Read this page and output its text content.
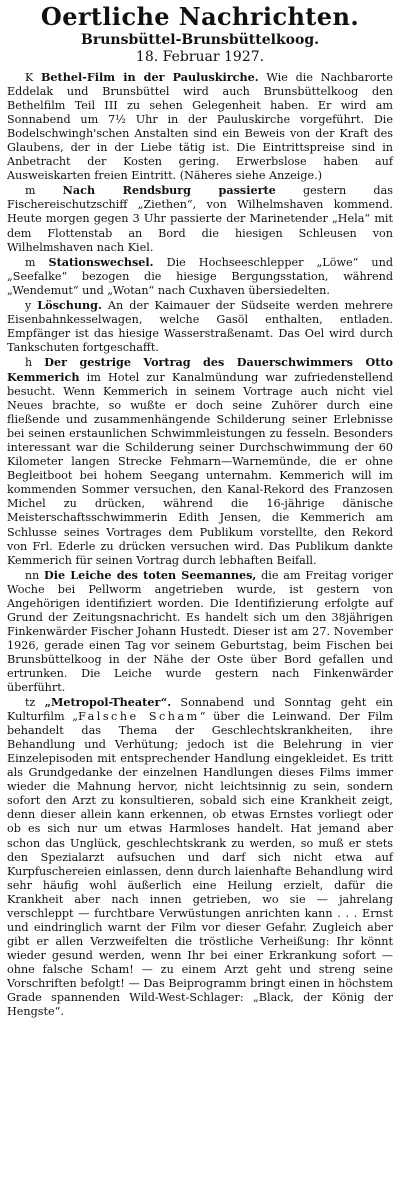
Oertliche Nachrichten.
Brunsbüttel-Brunsbüttelkoog.
18. Februar 1927.

K Bethel-Film in der Pauluskirche. Wie die Nachbarorte Eddelak und Brunsbüttel wird auch Brunsbüttelkoog den Bethelfilm Teil III zu sehen Gelegenheit haben. Er wird am Sonnabend um 7½ Uhr in der Pauluskirche vorgeführt. Die Bodelschwingh'schen Anstalten sind ein Beweis von der Kraft des Glaubens, der in der Liebe tätig ist. Die Eintrittspreise sind in Anbetracht der Kosten gering. Erwerbslose haben auf Ausweiskarten freien Eintritt. (Näheres siehe Anzeige.)

m Nach Rendsburg passierte gestern das Fischereischutzschiff „Ziethen“, von Wilhelmshaven kommend. Heute morgen gegen 3 Uhr passierte der Marinetender „Hela“ mit dem Flottenstab an Bord die hiesigen Schleusen von Wilhelmshaven nach Kiel.

m Stationswechsel. Die Hochseeschlepper „Löwe“ und „Seefalke“ bezogen die hiesige Bergungsstation, während „Wendemut“ und „Wotan“ nach Cuxhaven übersiedelten.

y Löschung. An der Kaimauer der Südseite werden mehrere Eisenbahnkesselwagen, welche Gasöl enthalten, entladen. Empfänger ist das hiesige Wasserstraßenamt. Das Oel wird durch Tankschuten fortgeschafft.

h Der gestrige Vortrag des Dauerschwimmers Otto Kemmerich im Hotel zur Kanalmündung war zufriedenstellend besucht. Wenn Kemmerich in seinem Vortrage auch nicht viel Neues brachte, so wußte er doch seine Zuhörer durch eine fließende und zusammenhängende Schilderung seiner Erlebnisse bei seinen erstaunlichen Schwimmleistungen zu fesseln. Besonders interessant war die Schilderung seiner Durchschwimmung der 60 Kilometer langen Strecke Fehmarn—Warnemünde, die er ohne Begleitboot bei hohem Seegang unternahm. Kemmerich will im kommenden Sommer versuchen, den Kanal-Rekord des Franzosen Michel zu drücken, während die 16-jährige dänische Meisterschaftsschwimmerin Edith Jensen, die Kemmerich am Schlusse seines Vortrages dem Publikum vorstellte, den Rekord von Frl. Ederle zu drücken versuchen wird. Das Publikum dankte Kemmerich für seinen Vortrag durch lebhaften Beifall.

nn Die Leiche des toten Seemannes, die am Freitag voriger Woche bei Pellworm angetrieben wurde, ist gestern von Angehörigen identifiziert worden. Die Identifizierung erfolgte auf Grund der Zeitungsnachricht. Es handelt sich um den 38jährigen Finkenwärder Fischer Johann Hustedt. Dieser ist am 27. November 1926, gerade einen Tag vor seinem Geburtstag, beim Fischen bei Brunsbüttelkoog in der Nähe der Oste über Bord gefallen und ertrunken. Die Leiche wurde gestern nach Finkenwärder überführt.

tz „Metropol-Theater“. Sonnabend und Sonntag geht ein Kulturfilm „Falsche Scham“ über die Leinwand. Der Film behandelt das Thema der Geschlechtskrankheiten, ihre Behandlung und Verhütung; jedoch ist die Belehrung in vier Einzelepisoden mit entsprechender Handlung eingekleidet. Es tritt als Grundgedanke der einzelnen Handlungen dieses Films immer wieder die Mahnung hervor, nicht leichtsinnig zu sein, sondern sofort den Arzt zu konsultieren, sobald sich eine Krankheit zeigt, denn dieser allein kann erkennen, ob etwas Ernstes vorliegt oder ob es sich nur um etwas Harmloses handelt. Hat jemand aber schon das Unglück, geschlechtskrank zu werden, so muß er stets den Spezialarzt aufsuchen und darf sich nicht etwa auf Kurpfuschereien einlassen, denn durch laienhafte Behandlung wird sehr häufig wohl äußerlich eine Heilung erzielt, dafür die Krankheit aber nach innen getrieben, wo sie — jahrelang verschleppt — furchtbare Verwüstungen anrichten kann . . . Ernst und eindringlich warnt der Film vor dieser Gefahr. Zugleich aber gibt er allen Verzweifelten die tröstliche Verheißung: Ihr könnt wieder gesund werden, wenn Ihr bei einer Erkrankung sofort — ohne falsche Scham! — zu einem Arzt geht und streng seine Vorschriften befolgt! — Das Beiprogramm bringt einen in höchstem Grade spannenden Wild-West-Schlager: „Black, der König der Hengste“.
